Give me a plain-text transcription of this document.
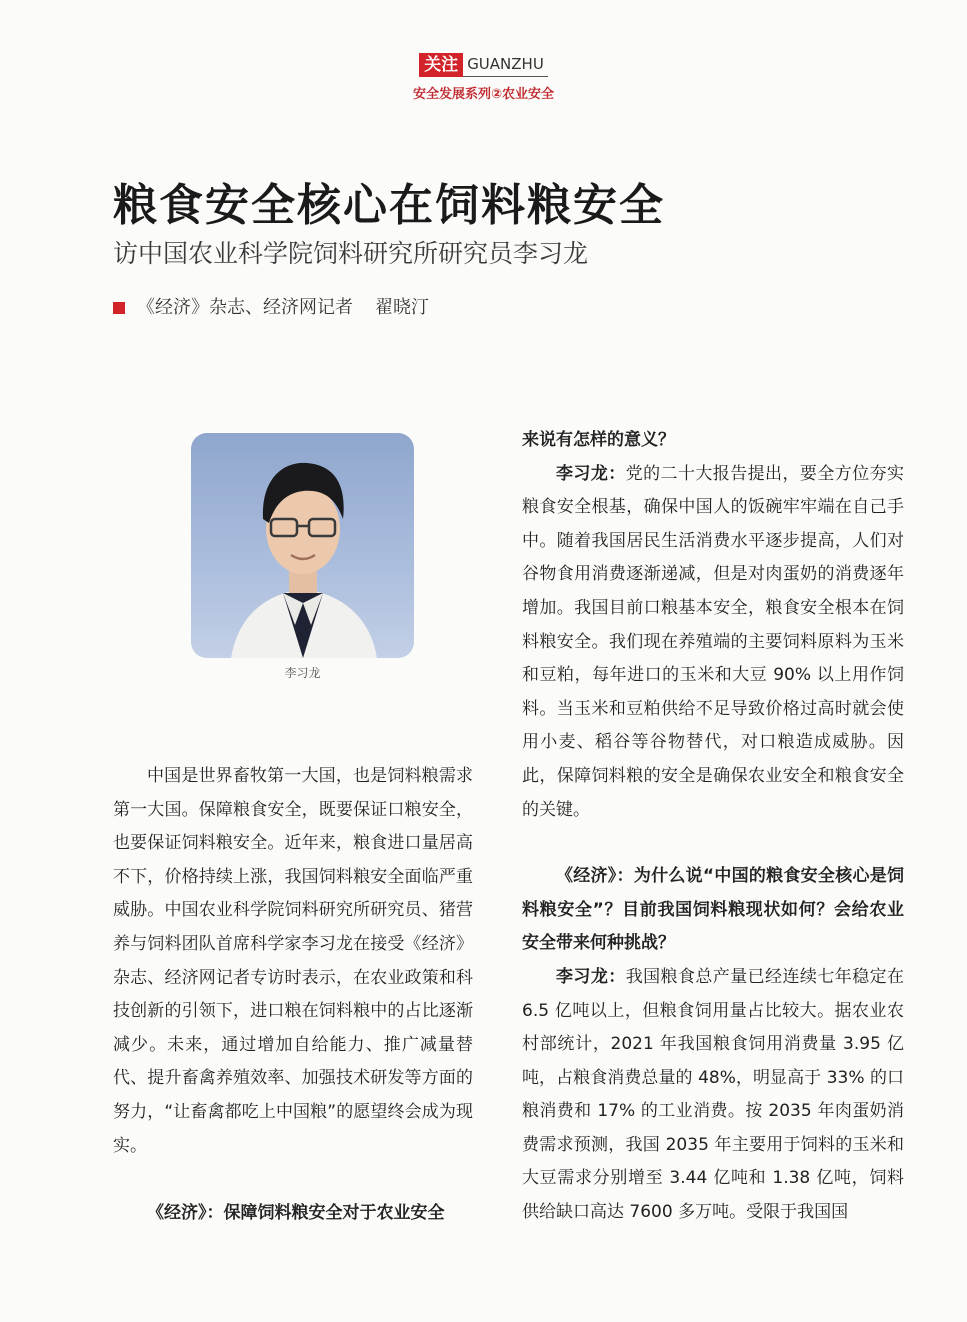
关注 GUANZHU
安全发展系列②农业安全
粮食安全核心在饲料粮安全
访中国农业科学院饲料研究所研究员李习龙
《经济》杂志、经济网记者 翟晓汀
李习龙

中国是世界畜牧第一大国，也是饲料粮需求第一大国。保障粮食安全，既要保证口粮安全，也要保证饲料粮安全。近年来，粮食进口量居高不下，价格持续上涨，我国饲料粮安全面临严重威胁。中国农业科学院饲料研究所研究员、猪营养与饲料团队首席科学家李习龙在接受《经济》杂志、经济网记者专访时表示，在农业政策和科技创新的引领下，进口粮在饲料粮中的占比逐渐减少。未来，通过增加自给能力、推广减量替代、提升畜禽养殖效率、加强技术研发等方面的努力，“让畜禽都吃上中国粮”的愿望终会成为现实。

《经济》：保障饲料粮安全对于农业安全

来说有怎样的意义？

李习龙：党的二十大报告提出，要全方位夯实粮食安全根基，确保中国人的饭碗牢牢端在自己手中。随着我国居民生活消费水平逐步提高，人们对谷物食用消费逐渐递减，但是对肉蛋奶的消费逐年增加。我国目前口粮基本安全，粮食安全根本在饲料粮安全。我们现在养殖端的主要饲料原料为玉米和豆粕，每年进口的玉米和大豆 90% 以上用作饲料。当玉米和豆粕供给不足导致价格过高时就会使用小麦、稻谷等谷物替代，对口粮造成威胁。因此，保障饲料粮的安全是确保农业安全和粮食安全的关键。

《经济》：为什么说“中国的粮食安全核心是饲料粮安全”？目前我国饲料粮现状如何？会给农业安全带来何种挑战？

李习龙：我国粮食总产量已经连续七年稳定在 6.5 亿吨以上，但粮食饲用量占比较大。据农业农村部统计，2021 年我国粮食饲用消费量 3.95 亿吨，占粮食消费总量的 48%，明显高于 33% 的口粮消费和 17% 的工业消费。按 2035 年肉蛋奶消费需求预测，我国 2035 年主要用于饲料的玉米和大豆需求分别增至 3.44 亿吨和 1.38 亿吨，饲料供给缺口高达 7600 多万吨。受限于我国国
